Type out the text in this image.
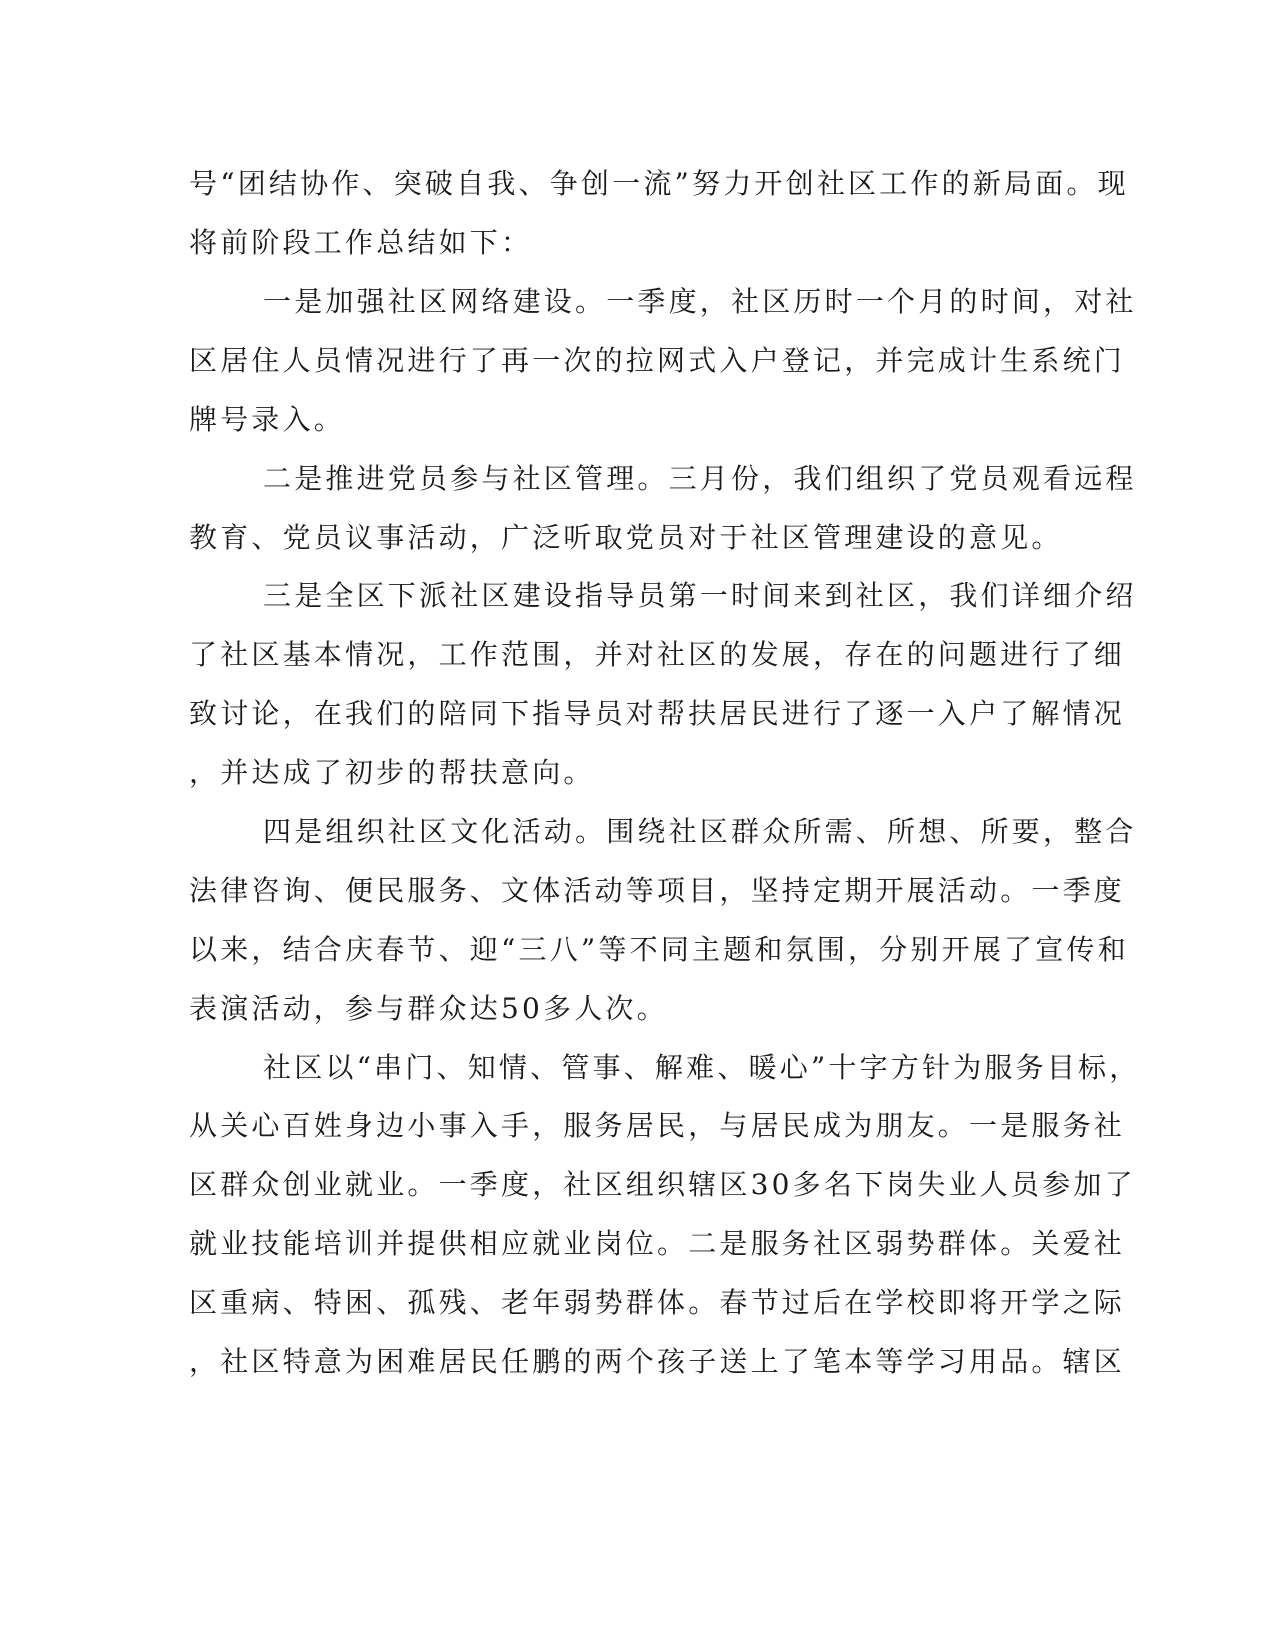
号“团结协作、突破自我、争创一流”努力开创社区工作的新局面。现
将前阶段工作总结如下：
一是加强社区网络建设。一季度，社区历时一个月的时间，对社
区居住人员情况进行了再一次的拉网式入户登记，并完成计生系统门
牌号录入。
二是推进党员参与社区管理。三月份，我们组织了党员观看远程
教育、党员议事活动，广泛听取党员对于社区管理建设的意见。
三是全区下派社区建设指导员第一时间来到社区，我们详细介绍
了社区基本情况，工作范围，并对社区的发展，存在的问题进行了细
致讨论，在我们的陪同下指导员对帮扶居民进行了逐一入户了解情况
，并达成了初步的帮扶意向。
四是组织社区文化活动。围绕社区群众所需、所想、所要，整合
法律咨询、便民服务、文体活动等项目，坚持定期开展活动。一季度
以来，结合庆春节、迎“三八”等不同主题和氛围，分别开展了宣传和
表演活动，参与群众达50多人次。
社区以“串门、知情、管事、解难、暖心”十字方针为服务目标，
从关心百姓身边小事入手，服务居民，与居民成为朋友。一是服务社
区群众创业就业。一季度，社区组织辖区30多名下岗失业人员参加了
就业技能培训并提供相应就业岗位。二是服务社区弱势群体。关爱社
区重病、特困、孤残、老年弱势群体。春节过后在学校即将开学之际
，社区特意为困难居民任鹏的两个孩子送上了笔本等学习用品。辖区
